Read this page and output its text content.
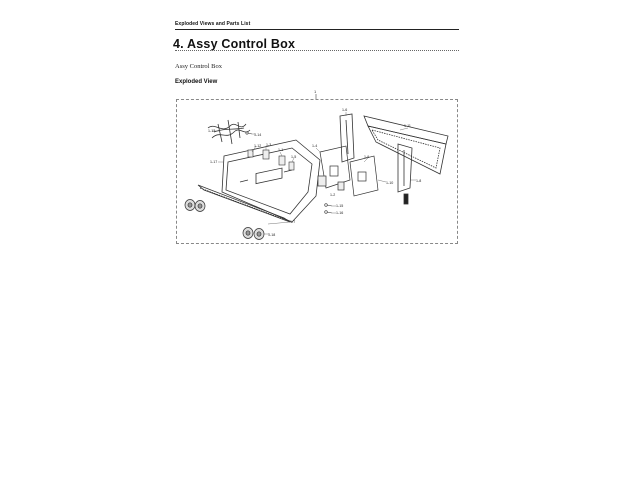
Exploded Views and Parts List
4. Assy Control Box
Assy Control Box
Exploded View
1
1-13
1-14
1-17
1-12 1-3
1-1
1-5
1-4
1-6
1-11
1-9
1-8
1-10
1-2
1-15
1-16
1-7
1-18
